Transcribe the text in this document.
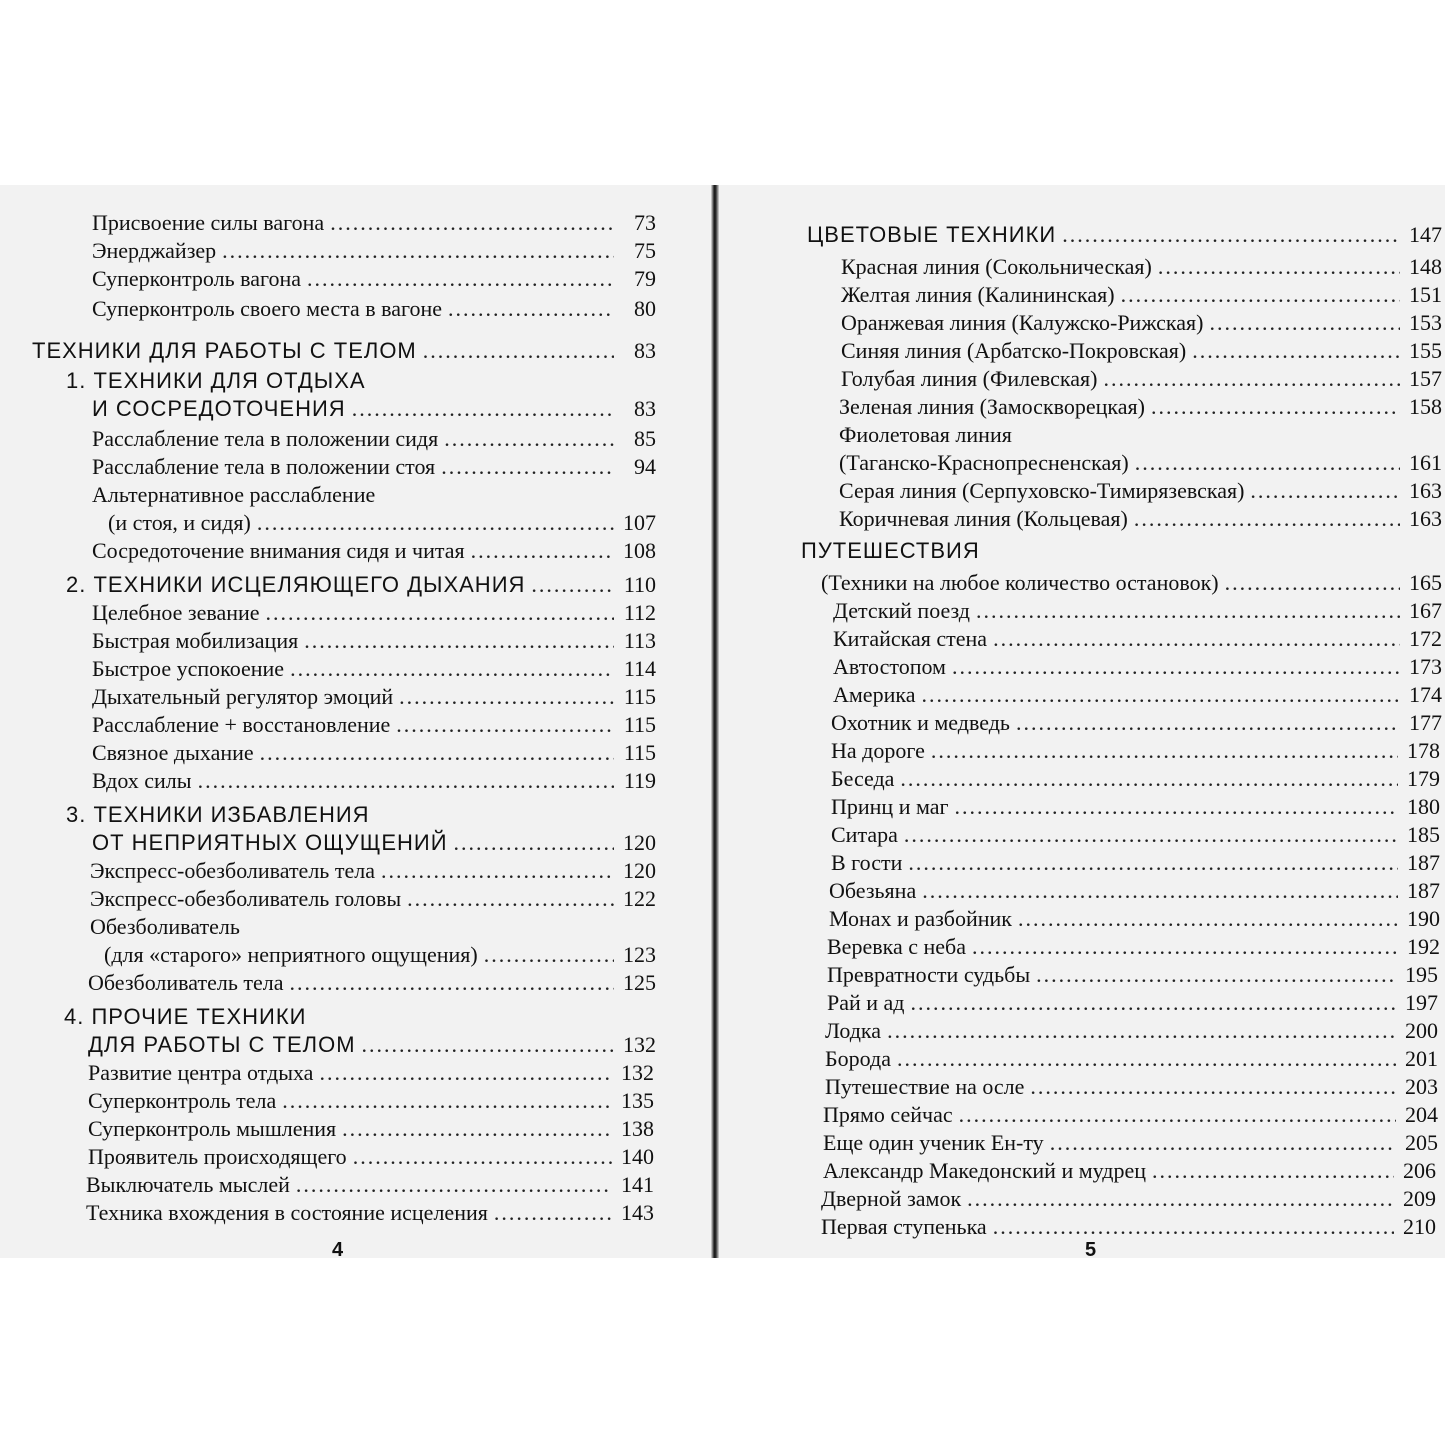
Присвоение силы вагона .....	73
Энерджайзер .....	75
Суперконтроль вагона .....	79
Суперконтроль своего места в вагоне .....	80
ТЕХНИКИ ДЛЯ РАБОТЫ С ТЕЛОМ .....	83
1. ТЕХНИКИ ДЛЯ ОТДЫХА
И СОСРЕДОТОЧЕНИЯ .....	83
Расслабление тела в положении сидя .....	85
Расслабление тела в положении стоя .....	94
Альтернативное расслабление
(и стоя, и сидя) .....	107
Сосредоточение внимания сидя и читая .....	108
2. ТЕХНИКИ ИСЦЕЛЯЮЩЕГО ДЫХАНИЯ .....	110
Целебное зевание .....	112
Быстрая мобилизация .....	113
Быстрое успокоение .....	114
Дыхательный регулятор эмоций .....	115
Расслабление + восстановление .....	115
Связное дыхание .....	115
Вдох силы .....	119
3. ТЕХНИКИ ИЗБАВЛЕНИЯ
ОТ НЕПРИЯТНЫХ ОЩУЩЕНИЙ .....	120
Экспресс-обезболиватель тела .....	120
Экспресс-обезболиватель головы .....	122
Обезболиватель
(для «старого» неприятного ощущения) .....	123
Обезболиватель тела .....	125
4. ПРОЧИЕ ТЕХНИКИ
ДЛЯ РАБОТЫ С ТЕЛОМ .....	132
Развитие центра отдыха .....	132
Суперконтроль тела .....	135
Суперконтроль мышления .....	138
Проявитель происходящего .....	140
Выключатель мыслей .....	141
Техника вхождения в состояние исцеления .....	143
4
ЦВЕТОВЫЕ ТЕХНИКИ .....	147
Красная линия (Сокольническая) .....	148
Желтая линия (Калининская) .....	151
Оранжевая линия (Калужско-Рижская) .....	153
Синяя линия (Арбатско-Покровская) .....	155
Голубая линия (Филевская) .....	157
Зеленая линия (Замоскворецкая) .....	158
Фиолетовая линия
(Таганско-Краснопресненская) .....	161
Серая линия (Серпуховско-Тимирязевская) .....	163
Коричневая линия (Кольцевая) .....	163
ПУТЕШЕСТВИЯ
(Техники на любое количество остановок) .....	165
Детский поезд .....	167
Китайская стена .....	172
Автостопом .....	173
Америка .....	174
Охотник и медведь .....	177
На дороге .....	178
Беседа .....	179
Принц и маг .....	180
Ситара .....	185
В гости .....	187
Обезьяна .....	187
Монах и разбойник .....	190
Веревка с неба .....	192
Превратности судьбы .....	195
Рай и ад .....	197
Лодка .....	200
Борода .....	201
Путешествие на осле .....	203
Прямо сейчас .....	204
Еще один ученик Ен-ту .....	205
Александр Македонский и мудрец .....	206
Дверной замок .....	209
Первая ступенька .....	210
5
